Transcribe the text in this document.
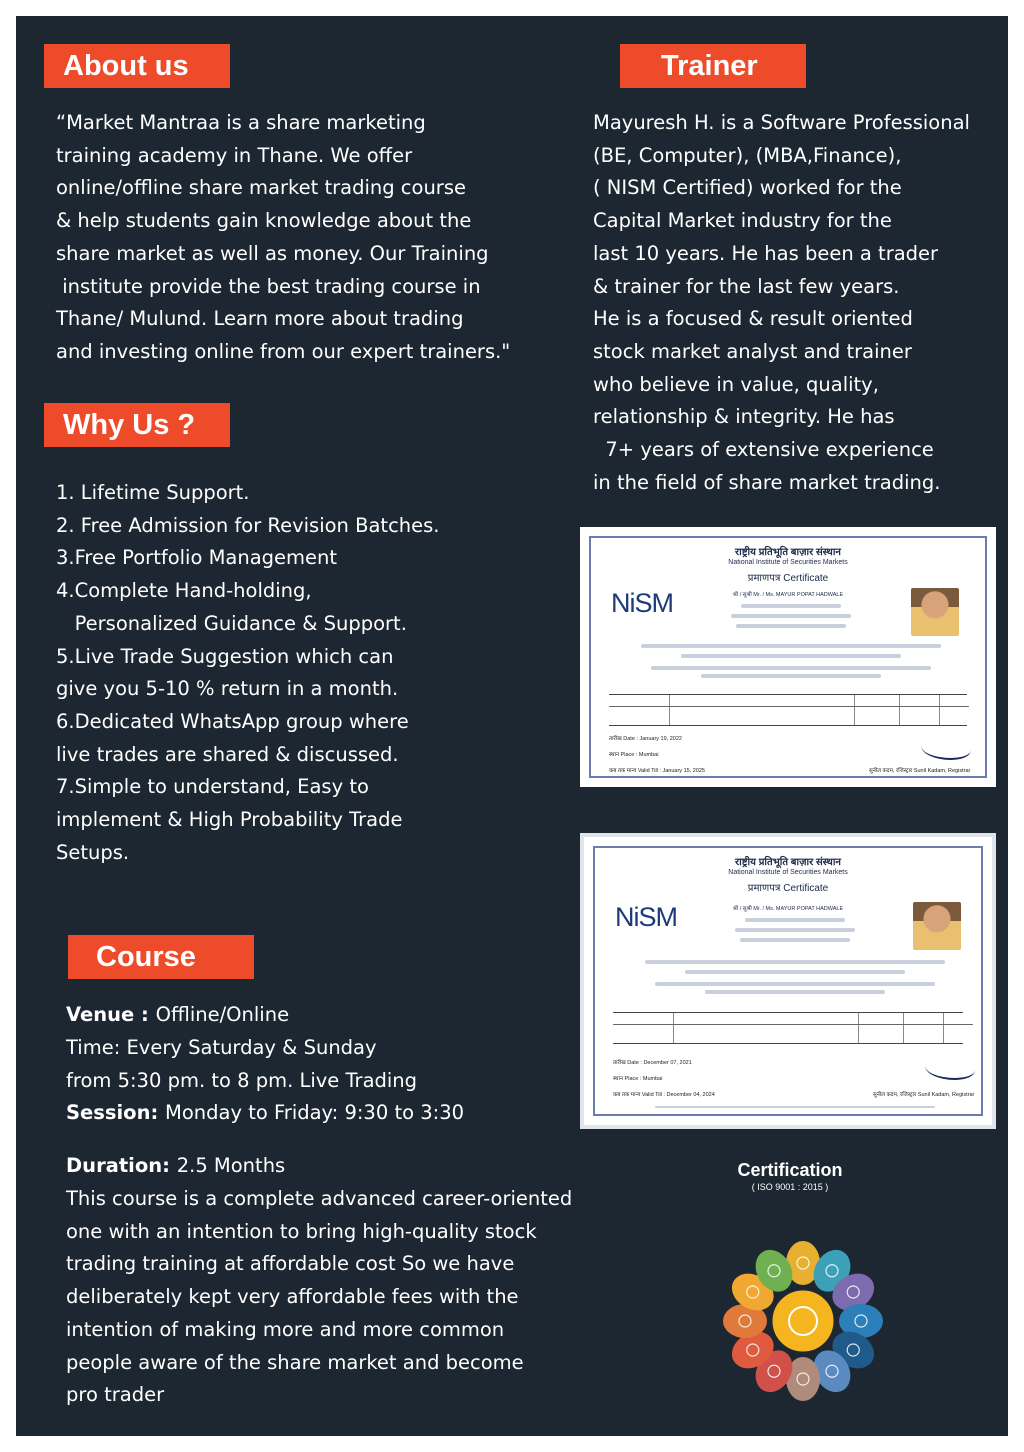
About us

“Market Mantraa is a share marketing
training academy in Thane. We offer
online/offline share market trading course
& help students gain knowledge about the
share market as well as money. Our Training
institute provide the best trading course in
Thane/ Mulund. Learn more about trading
and investing online from our expert trainers."

Why Us ?

1. Lifetime Support.
2. Free Admission for Revision Batches.
3.Free Portfolio Management
4.Complete Hand-holding,
Personalized Guidance & Support.
5.Live Trade Suggestion which can
give you 5-10 % return in a month.
6.Dedicated WhatsApp group where
live trades are shared & discussed.
7.Simple to understand, Easy to
implement & High Probability Trade
Setups.

Course
Venue : Offline/Online
Time: Every Saturday & Sunday
from 5:30 pm. to 8 pm. Live Trading
Session: Monday to Friday: 9:30 to 3:30
Duration: 2.5 Months

This course is a complete advanced career-oriented
one with an intention to bring high-quality stock
trading training at affordable cost So we have
deliberately kept very affordable fees with the
intention of making more and more common
people aware of the share market and become
pro trader

Trainer

Mayuresh H. is a Software Professional
(BE, Computer), (MBA,Finance),
( NISM Certified) worked for the
Capital Market industry for the
last 10 years. He has been a trader
& trainer for the last few years.
He is a focused & result oriented
stock market analyst and trainer
who believe in value, quality,
relationship & integrity. He has
7+ years of extensive experience
in the field of share market trading.

राष्ट्रीय प्रतिभूति बाज़ार संस्थान
National Institute of Securities Markets
प्रमाणपत्र Certificate
NiSM	श्री / सुश्री Mr. / Ms. MAYUR POPAT HADWALE
तारीख Date : January 19, 2022
स्थान Place : Mumbai
कब तक मान्य Valid Till : January 15, 2025	सुनील कदम, रजिस्ट्रार Sunil Kadam, Registrar
राष्ट्रीय प्रतिभूति बाज़ार संस्थान
National Institute of Securities Markets
प्रमाणपत्र Certificate
NiSM	श्री / सुश्री Mr. / Ms. MAYUR POPAT HADWALE
तारीख Date : December 07, 2021
स्थान Place : Mumbai
कब तक मान्य Valid Till : December 04, 2024	सुनील कदम, रजिस्ट्रार Sunil Kadam, Registrar
Certification
( ISO 9001 : 2015 )
